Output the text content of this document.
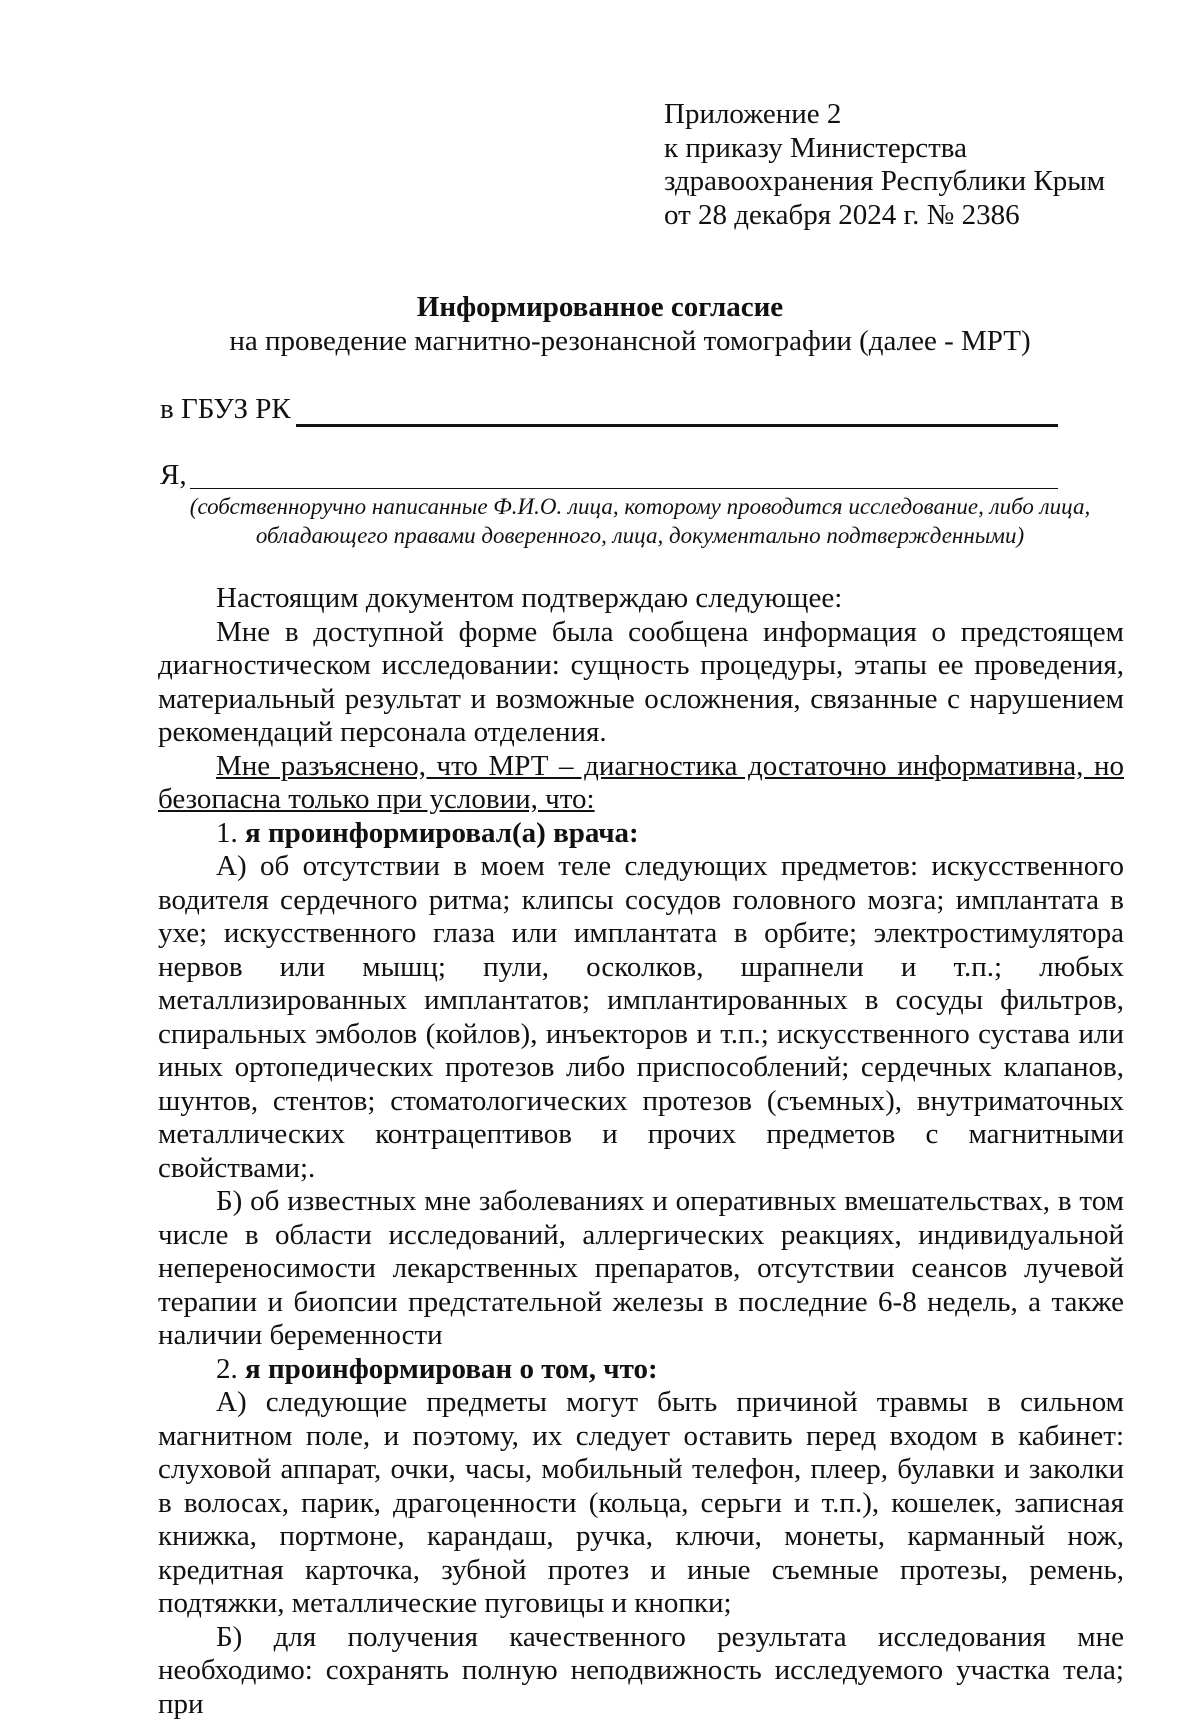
Приложение 2
к приказу Министерства
здравоохранения Республики Крым
от 28 декабря 2024 г. № 2386
Информированное согласие
на проведение магнитно-резонансной томографии (далее - МРТ)
в ГБУЗ РК
Я,
(собственноручно написанные Ф.И.О. лица, которому проводится исследование, либо лица, обладающего правами доверенного, лица, документально подтвержденными)

Настоящим документом подтверждаю следующее:

Мне в доступной форме была сообщена информация о предстоящем диагностическом исследовании: сущность процедуры, этапы ее проведения, материальный результат и возможные осложнения, связанные с нарушением рекомендаций персонала отделения.

Мне разъяснено, что МРТ – диагностика достаточно информативна, но безопасна только при условии, что:

1. я проинформировал(а) врача:

А) об отсутствии в моем теле следующих предметов: искусственного водителя сердечного ритма; клипсы сосудов головного мозга; имплантата в ухе; искусственного глаза или имплантата в орбите; электростимулятора нервов или мышц; пули, осколков, шрапнели и т.п.; любых металлизированных имплантатов; имплантированных в сосуды фильтров, спиральных эмболов (койлов), инъекторов и т.п.; искусственного сустава или иных ортопедических протезов либо приспособлений; сердечных клапанов, шунтов, стентов; стоматологических протезов (съемных), внутриматочных металлических контрацептивов и прочих предметов с магнитными свойствами;.

Б) об известных мне заболеваниях и оперативных вмешательствах, в том числе в области исследований, аллергических реакциях, индивидуальной непереносимости лекарственных препаратов, отсутствии сеансов лучевой терапии и биопсии предстательной железы в последние 6-8 недель, а также наличии беременности

2. я проинформирован о том, что:

А) следующие предметы могут быть причиной травмы в сильном магнитном поле, и поэтому, их следует оставить перед входом в кабинет: слуховой аппарат, очки, часы, мобильный телефон, плеер, булавки и заколки в волосах, парик, драгоценности (кольца, серьги и т.п.), кошелек, записная книжка, портмоне, карандаш, ручка, ключи, монеты, карманный нож, кредитная карточка, зубной протез и иные съемные протезы, ремень, подтяжки, металлические пуговицы и кнопки;

Б) для получения качественного результата исследования мне необходимо: сохранять полную неподвижность исследуемого участка тела; при
